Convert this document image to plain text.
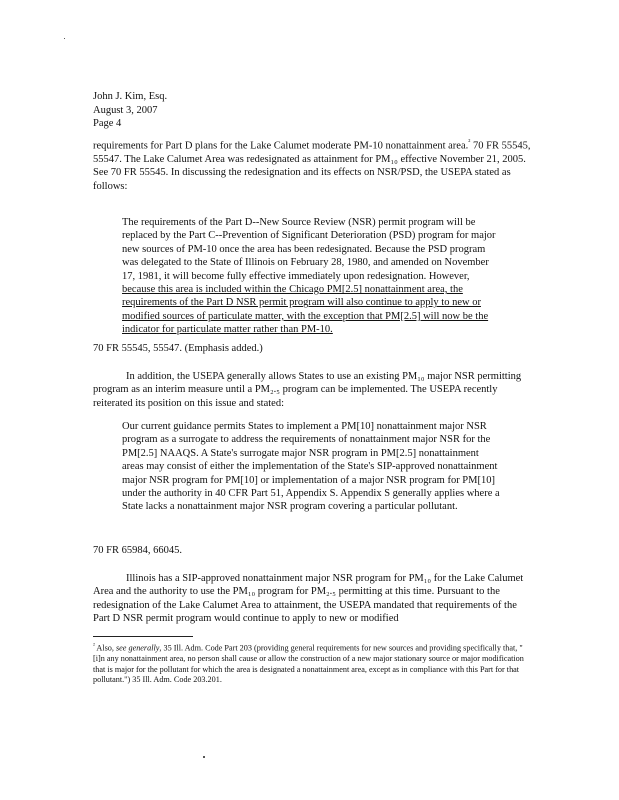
John J. Kim, Esq.
August 3, 2007
Page 4
requirements for Part D plans for the Lake Calumet moderate PM-10 nonattainment area.$^{^2}$ 70 FR 55545, 55547. The Lake Calumet Area was redesignated as attainment for PM₁₀ effective November 21, 2005. See 70 FR 55545. In discussing the redesignation and its effects on NSR/PSD, the USEPA stated as follows:
The requirements of the Part D--New Source Review (NSR) permit program will be replaced by the Part C--Prevention of Significant Deterioration (PSD) program for major new sources of PM-10 once the area has been redesignated. Because the PSD program was delegated to the State of Illinois on February 28, 1980, and amended on November 17, 1981, it will become fully effective immediately upon redesignation. However, because this area is included within the Chicago PM[2.5] nonattainment area, the requirements of the Part D NSR permit program will also continue to apply to new or modified sources of particulate matter, with the exception that PM[2.5] will now be the indicator for particulate matter rather than PM-10.
70 FR 55545, 55547. (Emphasis added.)
In addition, the USEPA generally allows States to use an existing PM₁₀ major NSR permitting program as an interim measure until a PM₂.₅ program can be implemented. The USEPA recently reiterated its position on this issue and stated:
Our current guidance permits States to implement a PM[10] nonattainment major NSR program as a surrogate to address the requirements of nonattainment major NSR for the PM[2.5] NAAQS. A State's surrogate major NSR program in PM[2.5] nonattainment areas may consist of either the implementation of the State's SIP-approved nonattainment major NSR program for PM[10] or implementation of a major NSR program for PM[10] under the authority in 40 CFR Part 51, Appendix S. Appendix S generally applies where a State lacks a nonattainment major NSR program covering a particular pollutant.
70 FR 65984, 66045.
Illinois has a SIP-approved nonattainment major NSR program for PM₁₀ for the Lake Calumet Area and the authority to use the PM₁₀ program for PM₂.₅ permitting at this time. Pursuant to the redesignation of the Lake Calumet Area to attainment, the USEPA mandated that requirements of the Part D NSR permit program would continue to apply to new or modified
$^{^2}$ Also, see generally, 35 Ill. Adm. Code Part 203 (providing general requirements for new sources and providing specifically that, "[i]n any nonattainment area, no person shall cause or allow the construction of a new major stationary source or major modification that is major for the pollutant for which the area is designated a nonattainment area, except as in compliance with this Part for that pollutant.") 35 Ill. Adm. Code 203.201.
